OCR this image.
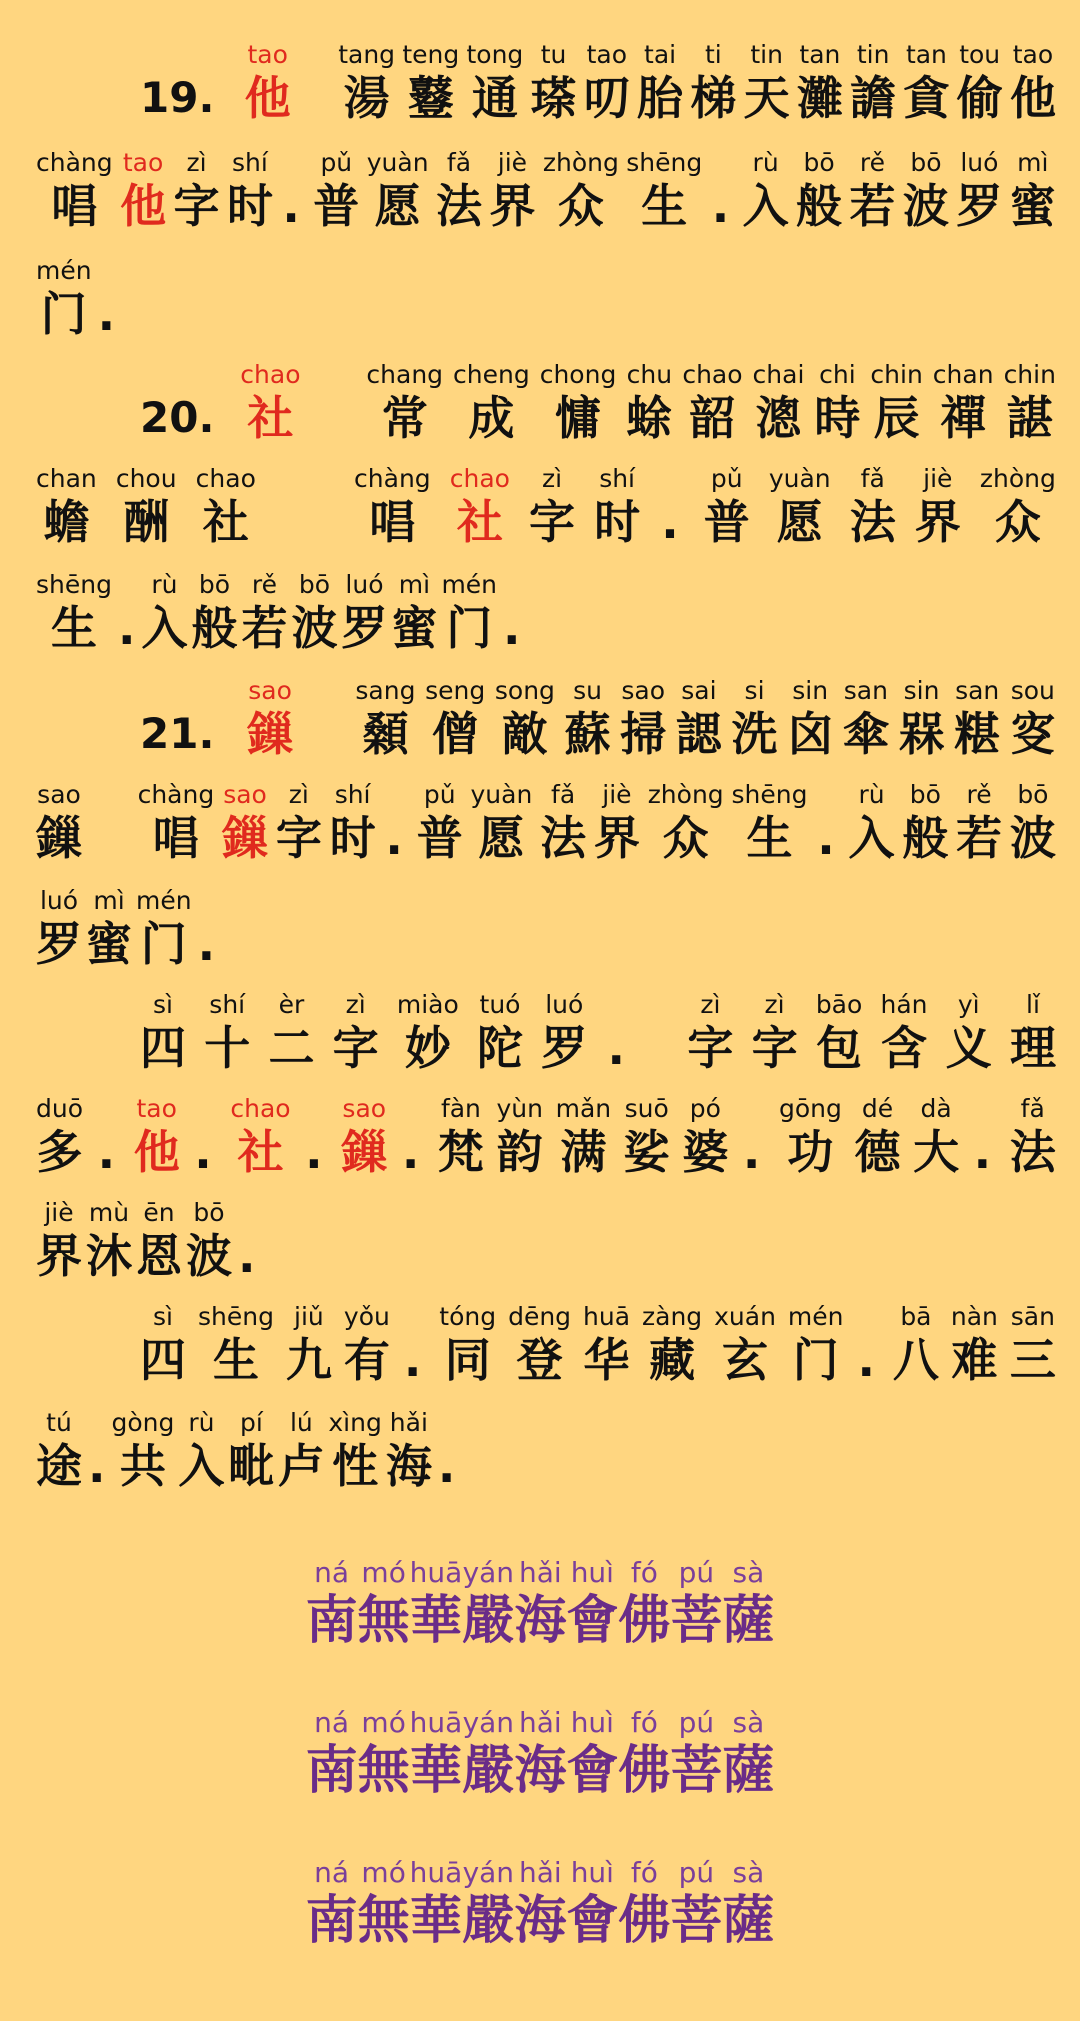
19.
tao
他
tang
湯
teng
鼟
tong
通
tu
瑹
tao
叨
tai
胎
ti
梯
tin
天
tan
灘
tin
譫
tan
貪
tou
偷
tao
他
chàng
唱
tao
他
zì
字
shí
时 .
pǔ
普
yuàn
愿
fǎ
法
jiè
界
zhòng
众
shēng
生 .
rù
入
bō
般
rě
若
bō
波
luó
罗
mì
蜜
mén
门 .
20.
chao
社
chang
常
cheng
成
chong
慵
chu
蜍
chao
韶
chai
漗
chi
時
chin
辰
chan
禪
chin
諶
chan
蟾
chou
酬
chao
社
chàng
唱
chao
社
zì
字
shí
时 .
pǔ
普
yuàn
愿
fǎ
法
jiè
界
zhòng
众
shēng
生 .
rù
入
bō
般
rě
若
bō
波
luó
罗
mì
蜜
mén
门 .
21.
sao
鏁
sang
顙
seng
僧
song
敵
su
蘇
sao
掃
sai
諰
si
洗
sin
囟
san
傘
sin
槑
san
糂
sou
叜
sao
鏁
chàng
唱
sao
鏁
zì
字
shí
时 .
pǔ
普
yuàn
愿
fǎ
法
jiè
界
zhòng
众
shēng
生 .
rù
入
bō
般
rě
若
bō
波
luó
罗
mì
蜜
mén
门 .
sì
四
shí
十
èr
二
zì
字
miào
妙
tuó
陀
luó
罗 .
zì
字
zì
字
bāo
包
hán
含
yì
义
lǐ
理
duō
多 .
tao
他 .
chao
社 .
sao
鏁 .
fàn
梵
yùn
韵
mǎn
满
suō
娑
pó
婆 .
gōng
功
dé
德
dà
大 .
fǎ
法
jiè
界
mù
沐
ēn
恩
bō
波 .
sì
四
shēng
生
jiǔ
九
yǒu
有 .
tóng
同
dēng
登
huā
华
zàng
藏
xuán
玄
mén
门 .
bā
八
nàn
难
sān
三
tú
途 .
gòng
共
rù
入
pí
毗
lú
卢
xìng
性
hǎi
海 .
ná
南
mó
無
huā
華
yán
嚴
hǎi
海
huì
會
fó
佛
pú
菩
sà
薩
ná
南
mó
無
huā
華
yán
嚴
hǎi
海
huì
會
fó
佛
pú
菩
sà
薩
ná
南
mó
無
huā
華
yán
嚴
hǎi
海
huì
會
fó
佛
pú
菩
sà
薩
